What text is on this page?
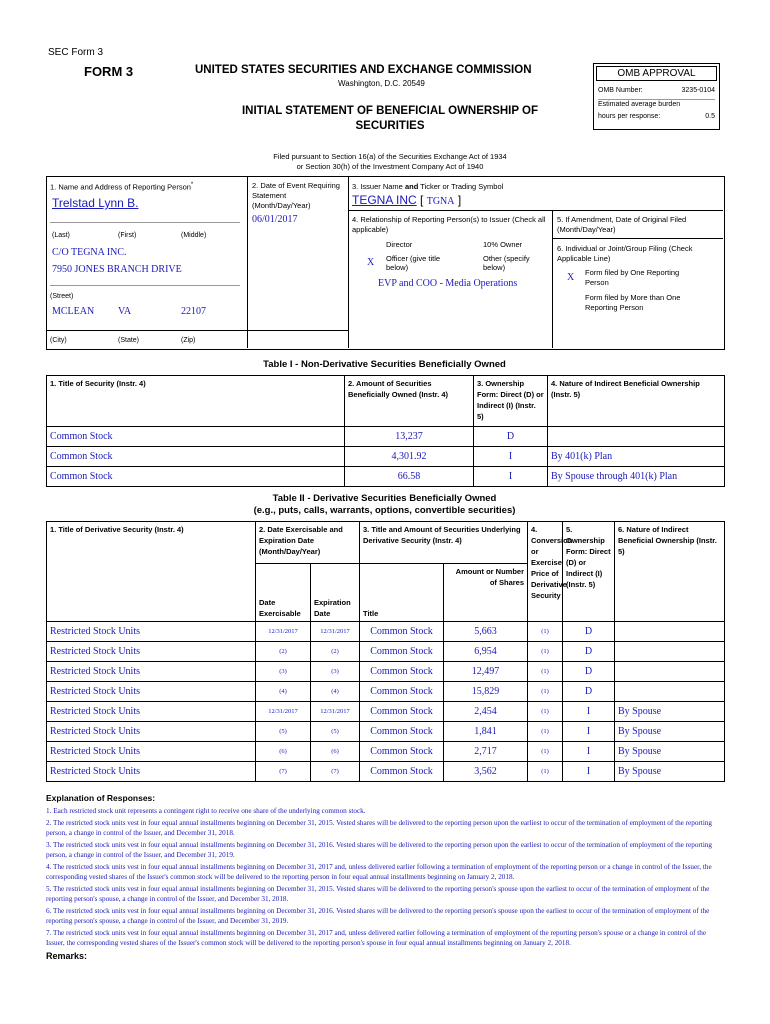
SEC Form 3
FORM 3	UNITED STATES SECURITIES AND EXCHANGE COMMISSION
Washington, D.C. 20549
INITIAL STATEMENT OF BENEFICIAL OWNERSHIP OF
SECURITIES
OMB APPROVAL
OMB Number:	3235-0104
Estimated average burden
hours per response:	0.5
Filed pursuant to Section 16(a) of the Securities Exchange Act of 1934
or Section 30(h) of the Investment Company Act of 1940
1. Name and Address of Reporting Person*
Trelstad Lynn B.
(Last)	(First)	(Middle)
C/O TEGNA INC.
7950 JONES BRANCH DRIVE
(Street)
MCLEAN VA	22107
(City)	(State)	(Zip)
2. Date of Event Requiring Statement (Month/Day/Year)
06/01/2017
3. Issuer Name and Ticker or Trading Symbol
TEGNA INC [ TGNA ]
4. Relationship of Reporting Person(s) to Issuer (Check all applicable)
Director	10% Owner
X Officer (give title below)
Other (specify below)
EVP and COO - Media Operations
5. If Amendment, Date of Original Filed (Month/Day/Year)
6. Individual or Joint/Group Filing (Check Applicable Line)
X Form filed by One Reporting Person
Form filed by More than One Reporting Person
Table I - Non-Derivative Securities Beneficially Owned
1. Title of Security (Instr. 4)	2. Amount of Securities Beneficially Owned (Instr. 4)	3. Ownership Form: Direct (D) or Indirect (I) (Instr. 5)	4. Nature of Indirect Beneficial Ownership (Instr. 5)
Common Stock	13,237	D	
Common Stock	4,301.92	I	By 401(k) Plan
Common Stock	66.58	I	By Spouse through 401(k) Plan
Table II - Derivative Securities Beneficially Owned
(e.g., puts, calls, warrants, options, convertible securities)
1. Title of Derivative Security (Instr. 4)	2. Date Exercisable and Expiration Date (Month/Day/Year)		3. Title and Amount of Securities Underlying Derivative Security (Instr. 4)		4. Conversion or Exercise Price of Derivative Security	5. Ownership Form: Direct (D) or Indirect (I) (Instr. 5)	6. Nature of Indirect Beneficial Ownership (Instr. 5)
	Date Exercisable	Expiration Date	Title	Amount or Number of Shares			
Restricted Stock Units	12/31/2017	12/31/2017	Common Stock	5,663	(1)	D	
Restricted Stock Units	(2)	(2)	Common Stock	6,954	(1)	D	
Restricted Stock Units	(3)	(3)	Common Stock	12,497	(1)	D	
Restricted Stock Units	(4)	(4)	Common Stock	15,829	(1)	D	
Restricted Stock Units	12/31/2017	12/31/2017	Common Stock	2,454	(1)	I	By Spouse
Restricted Stock Units	(5)	(5)	Common Stock	1,841	(1)	I	By Spouse
Restricted Stock Units	(6)	(6)	Common Stock	2,717	(1)	I	By Spouse
Restricted Stock Units	(7)	(7)	Common Stock	3,562	(1)	I	By Spouse
Explanation of Responses:
1. Each restricted stock unit represents a contingent right to receive one share of the underlying common stock.
2. The restricted stock units vest in four equal annual installments beginning on December 31, 2015. Vested shares will be delivered to the reporting person upon the earliest to occur of the termination of employment of the reporting person, a change in control of the Issuer, and December 31, 2018.
3. The restricted stock units vest in four equal annual installments beginning on December 31, 2016. Vested shares will be delivered to the reporting person upon the earliest to occur of the termination of employment of the reporting person, a change in control of the Issuer, and December 31, 2019.
4. The restricted stock units vest in four equal annual installments beginning on December 31, 2017 and, unless delivered earlier following a termination of employment of the reporting person or a change in control of the Issuer, the corresponding vested shares of the Issuer's common stock will be delivered to the reporting person in four equal annual installments beginning on January 2, 2018.
5. The restricted stock units vest in four equal annual installments beginning on December 31, 2015. Vested shares will be delivered to the reporting person's spouse upon the earliest to occur of the termination of employment of the reporting person's spouse, a change in control of the Issuer, and December 31, 2018.
6. The restricted stock units vest in four equal annual installments beginning on December 31, 2016. Vested shares will be delivered to the reporting person's spouse upon the earliest to occur of the termination of employment of the reporting person's spouse, a change in control of the Issuer, and December 31, 2019.
7. The restricted stock units vest in four equal annual installments beginning on December 31, 2017 and, unless delivered earlier following a termination of employment of the reporting person's spouse or a change in control of the Issuer, the corresponding vested shares of the Issuer's common stock will be delivered to the reporting person's spouse in four equal annual installments beginning on January 2, 2018.
Remarks:
